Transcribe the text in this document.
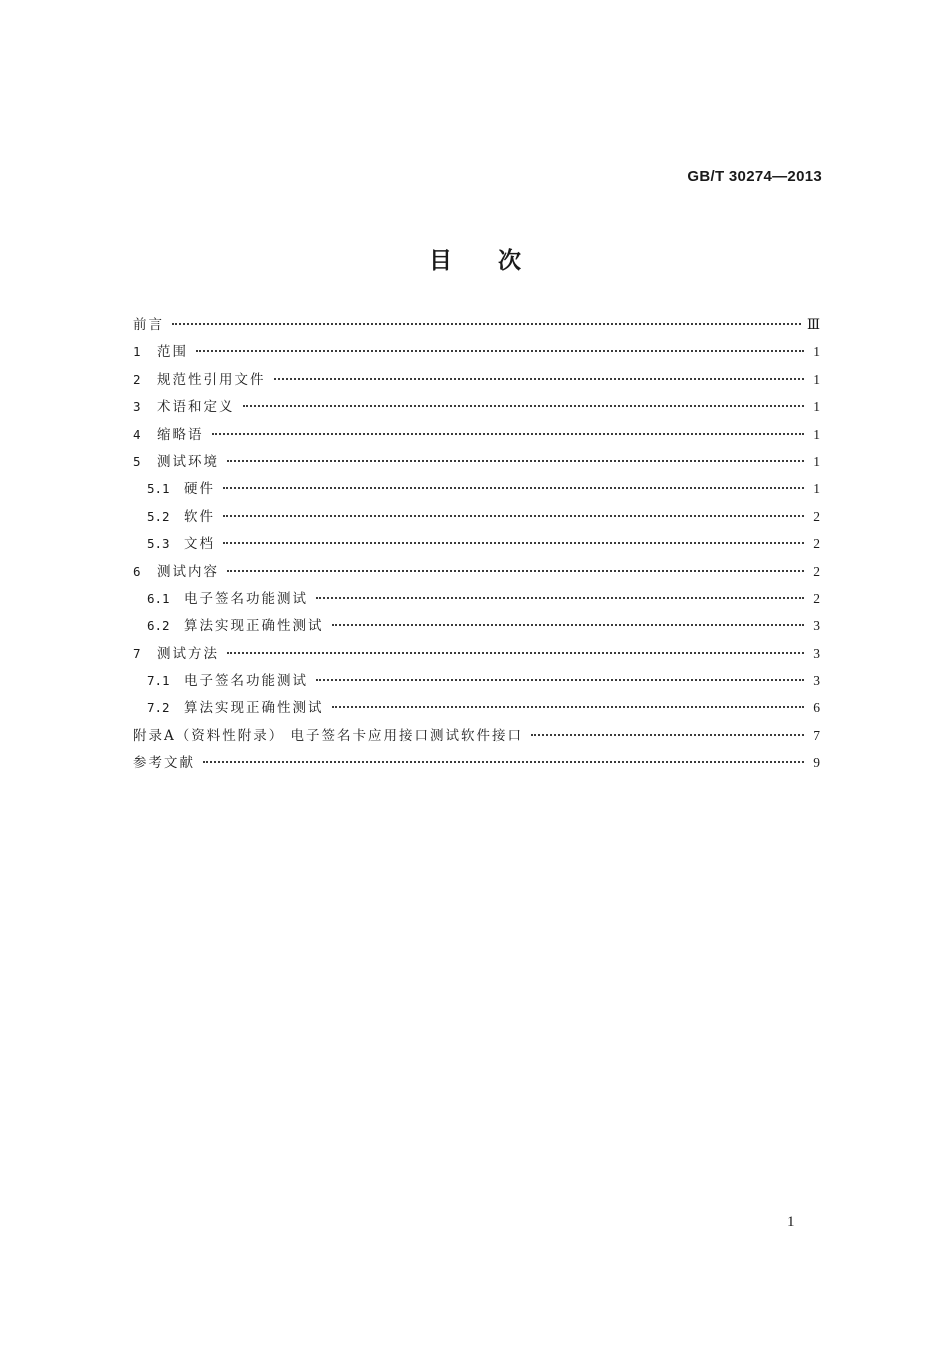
GB/T 30274—2013
目次
前言	Ⅲ
1	范围	1
2	规范性引用文件	1
3	术语和定义	1
4	缩略语	1
5	测试环境	1
5.1	硬件	1
5.2	软件	2
5.3	文档	2
6	测试内容	2
6.1	电子签名功能测试	2
6.2	算法实现正确性测试	3
7	测试方法	3
7.1	电子签名功能测试	3
7.2	算法实现正确性测试	6
附录A（资料性附录） 电子签名卡应用接口测试软件接口	7
参考文献	9
1
